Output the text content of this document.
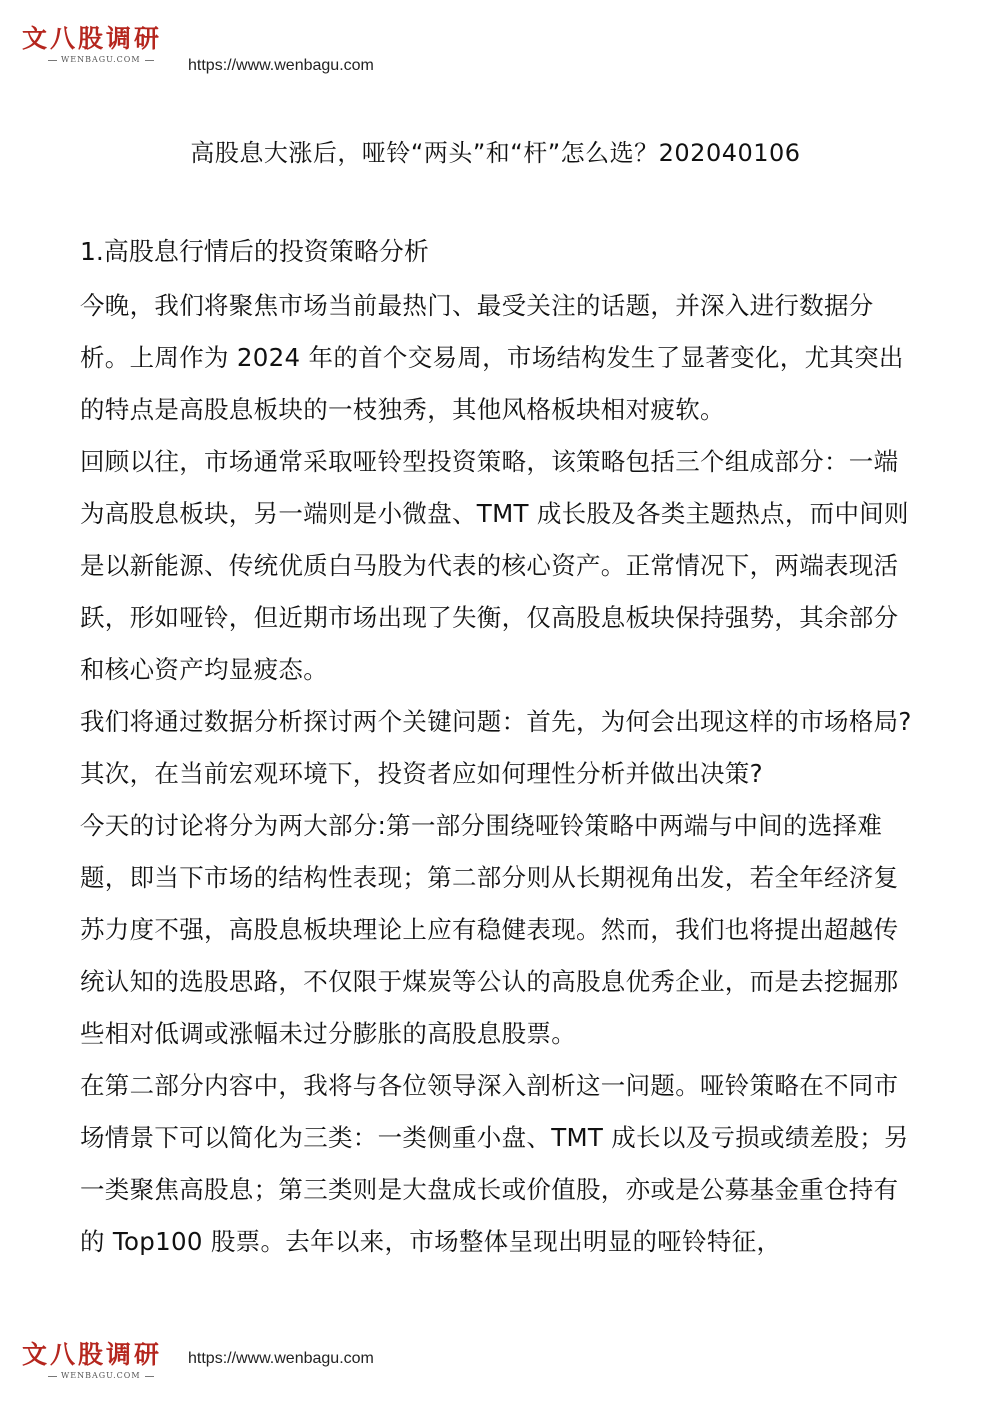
文八股调研
WENBAGU.COM	https://www.wenbagu.com
高股息大涨后，哑铃“两头”和“杆”怎么选？202040106
1.高股息行情后的投资策略分析

今晚，我们将聚焦市场当前最热门、最受关注的话题，并深入进行数据分析。上周作为 2024 年的首个交易周，市场结构发生了显著变化，尤其突出的特点是高股息板块的一枝独秀，其他风格板块相对疲软。

回顾以往，市场通常采取哑铃型投资策略，该策略包括三个组成部分：一端为高股息板块，另一端则是小微盘、TMT 成长股及各类主题热点，而中间则是以新能源、传统优质白马股为代表的核心资产。正常情况下，两端表现活跃，形如哑铃，但近期市场出现了失衡，仅高股息板块保持强势，其余部分和核心资产均显疲态。

我们将通过数据分析探讨两个关键问题：首先，为何会出现这样的市场格局?其次，在当前宏观环境下，投资者应如何理性分析并做出决策?

今天的讨论将分为两大部分:第一部分围绕哑铃策略中两端与中间的选择难题，即当下市场的结构性表现；第二部分则从长期视角出发，若全年经济复苏力度不强，高股息板块理论上应有稳健表现。然而，我们也将提出超越传统认知的选股思路，不仅限于煤炭等公认的高股息优秀企业，而是去挖掘那些相对低调或涨幅未过分膨胀的高股息股票。

在第二部分内容中，我将与各位领导深入剖析这一问题。哑铃策略在不同市场情景下可以简化为三类：一类侧重小盘、TMT 成长以及亏损或绩差股；另一类聚焦高股息；第三类则是大盘成长或价值股，亦或是公募基金重仓持有的 Top100 股票。去年以来，市场整体呈现出明显的哑铃特征，

文八股调研
WENBAGU.COM
https://www.wenbagu.com
